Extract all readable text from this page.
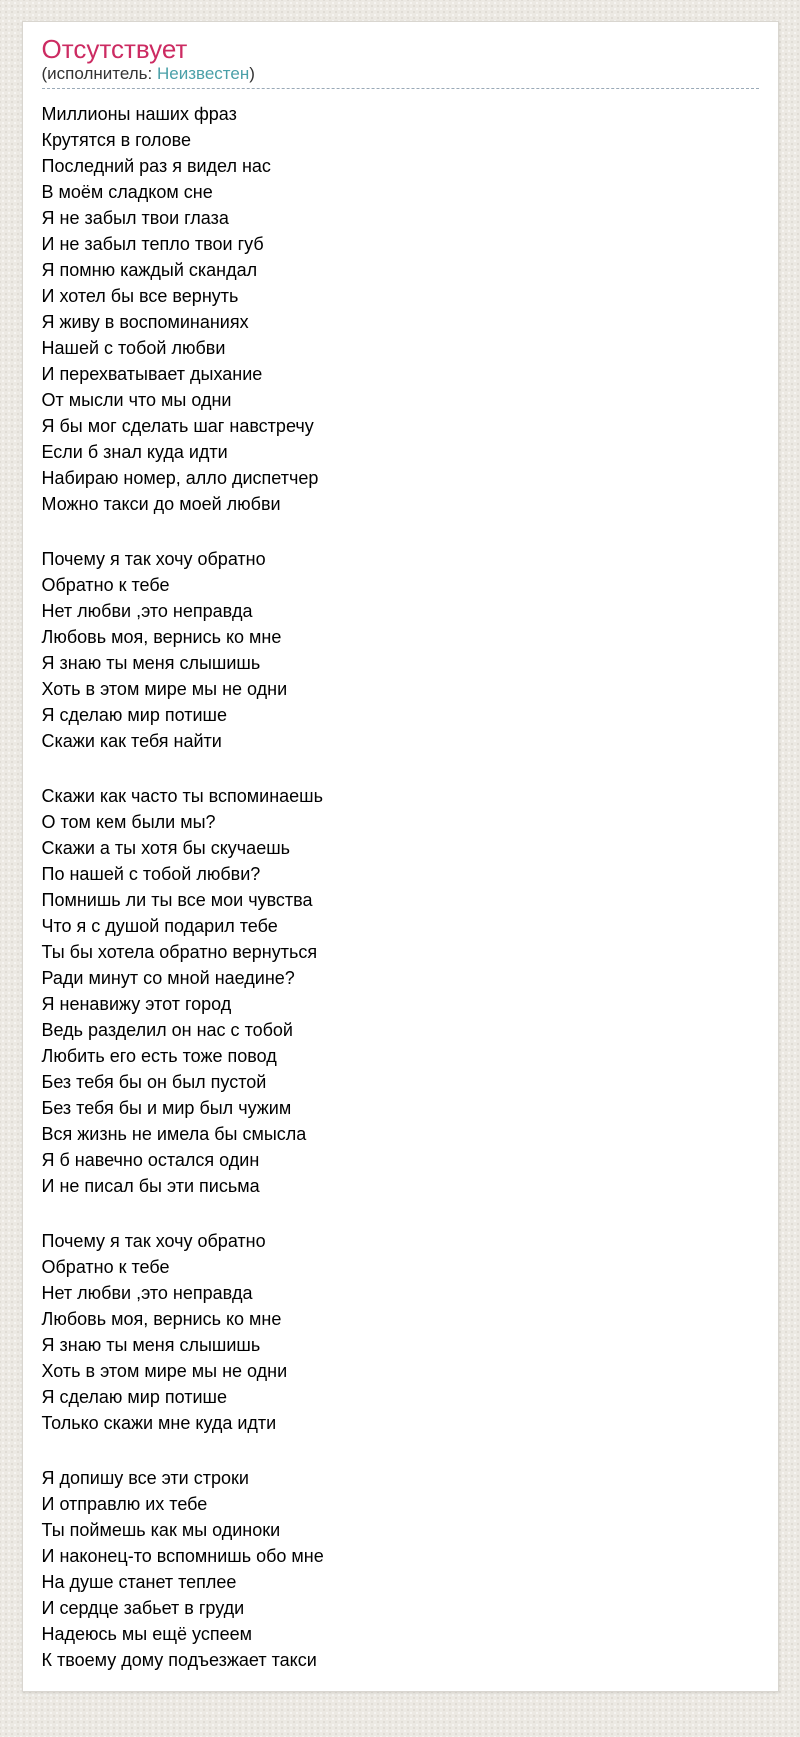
Отсутствует
(исполнитель: Неизвестен)
Миллионы наших фраз
Крутятся в голове
Последний раз я видел нас
В моём сладком сне
Я не забыл твои глаза
И не забыл тепло твои губ
Я помню каждый скандал
И хотел бы все вернуть
Я живу в воспоминаниях
Нашей с тобой любви
И перехватывает дыхание
От мысли что мы одни
Я бы мог сделать шаг навстречу
Если б знал куда идти
Набираю номер, алло диспетчер
Можно такси до моей любви
Почему я так хочу обратно
Обратно к тебе
Нет любви ,это неправда
Любовь моя, вернись ко мне
Я знаю ты меня слышишь
Хоть в этом мире мы не одни
Я сделаю мир потише
Скажи как тебя найти
Скажи как часто ты вспоминаешь
О том кем были мы?
Скажи а ты хотя бы скучаешь
По нашей с тобой любви?
Помнишь ли ты все мои чувства
Что я с душой подарил тебе
Ты бы хотела обратно вернуться
Ради минут со мной наедине?
Я ненавижу этот город
Ведь разделил он нас с тобой
Любить его есть тоже повод
Без тебя бы он был пустой
Без тебя бы и мир был чужим
Вся жизнь не имела бы смысла
Я б навечно остался один
И не писал бы эти письма
Почему я так хочу обратно
Обратно к тебе
Нет любви ,это неправда
Любовь моя, вернись ко мне
Я знаю ты меня слышишь
Хоть в этом мире мы не одни
Я сделаю мир потише
Только скажи мне куда идти
Я допишу все эти строки
И отправлю их тебе
Ты поймешь как мы одиноки
И наконец-то вспомнишь обо мне
На душе станет теплее
И сердце забьет в груди
Надеюсь мы ещё успеем
К твоему дому подъезжает такси
